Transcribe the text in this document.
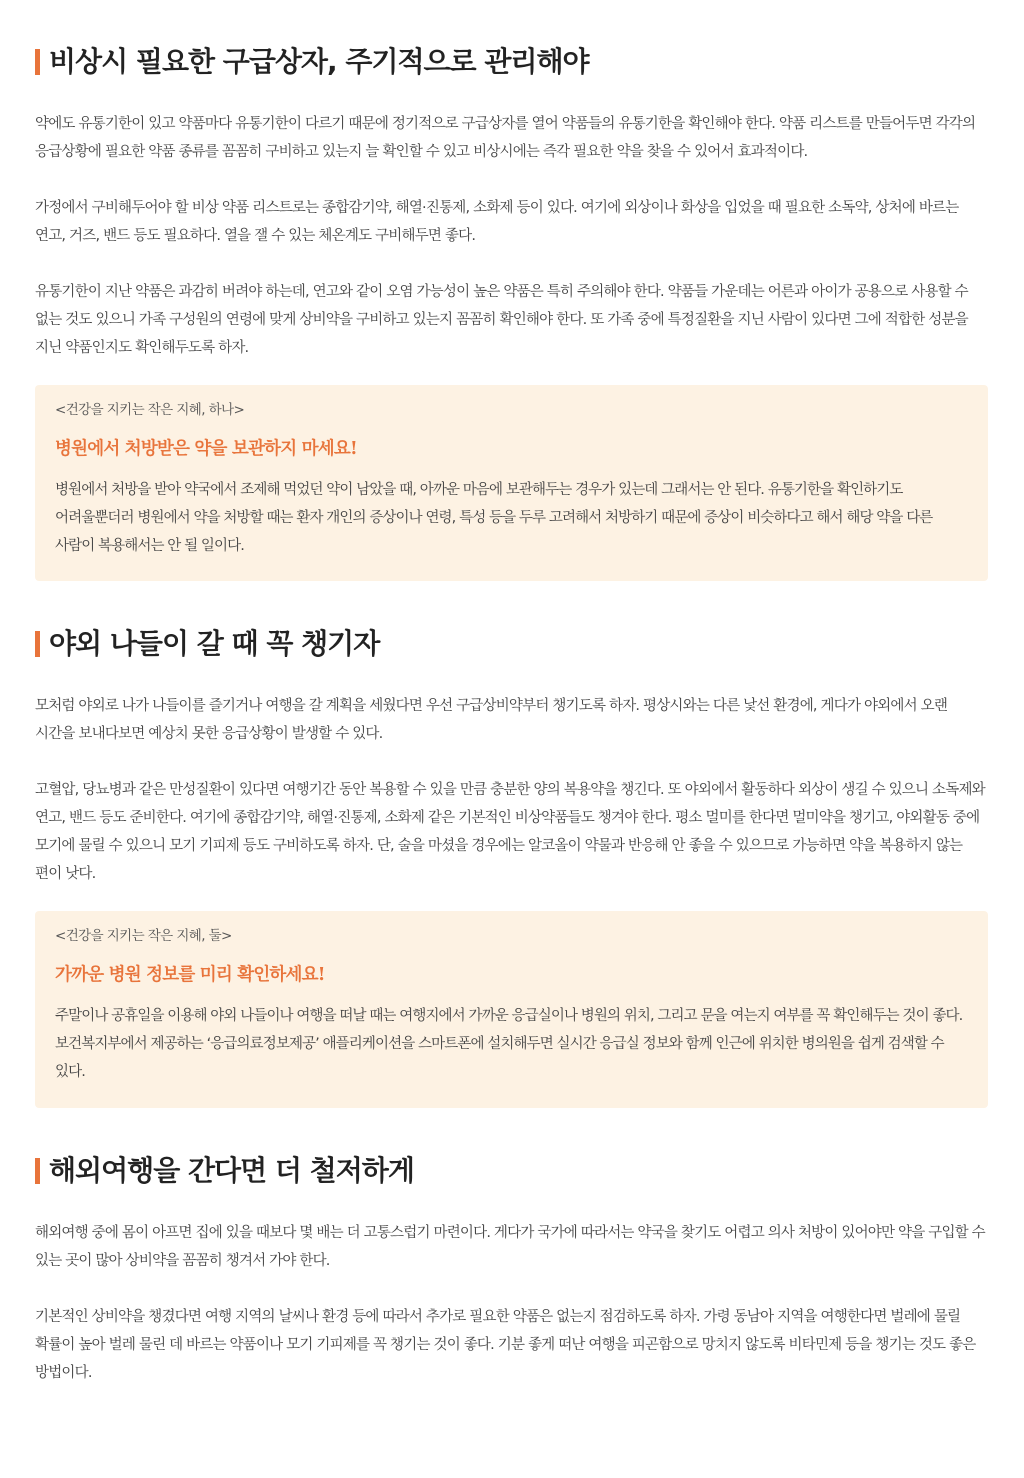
비상시 필요한 구급상자, 주기적으로 관리해야

약에도 유통기한이 있고 약품마다 유통기한이 다르기 때문에 정기적으로 구급상자를 열어 약품들의 유통기한을 확인해야 한다. 약품 리스트를 만들어두면 각각의 응급상황에 필요한 약품 종류를 꼼꼼히 구비하고 있는지 늘 확인할 수 있고 비상시에는 즉각 필요한 약을 찾을 수 있어서 효과적이다.

가정에서 구비해두어야 할 비상 약품 리스트로는 종합감기약, 해열·진통제, 소화제 등이 있다. 여기에 외상이나 화상을 입었을 때 필요한 소독약, 상처에 바르는 연고, 거즈, 밴드 등도 필요하다. 열을 잴 수 있는 체온계도 구비해두면 좋다.

유통기한이 지난 약품은 과감히 버려야 하는데, 연고와 같이 오염 가능성이 높은 약품은 특히 주의해야 한다. 약품들 가운데는 어른과 아이가 공용으로 사용할 수 없는 것도 있으니 가족 구성원의 연령에 맞게 상비약을 구비하고 있는지 꼼꼼히 확인해야 한다. 또 가족 중에 특정질환을 지닌 사람이 있다면 그에 적합한 성분을 지닌 약품인지도 확인해두도록 하자.

<건강을 지키는 작은 지혜, 하나>

병원에서 처방받은 약을 보관하지 마세요!

병원에서 처방을 받아 약국에서 조제해 먹었던 약이 남았을 때, 아까운 마음에 보관해두는 경우가 있는데 그래서는 안 된다. 유통기한을 확인하기도 어려울뿐더러 병원에서 약을 처방할 때는 환자 개인의 증상이나 연령, 특성 등을 두루 고려해서 처방하기 때문에 증상이 비슷하다고 해서 해당 약을 다른 사람이 복용해서는 안 될 일이다.

야외 나들이 갈 때 꼭 챙기자

모처럼 야외로 나가 나들이를 즐기거나 여행을 갈 계획을 세웠다면 우선 구급상비약부터 챙기도록 하자. 평상시와는 다른 낯선 환경에, 게다가 야외에서 오랜 시간을 보내다보면 예상치 못한 응급상황이 발생할 수 있다.

고혈압, 당뇨병과 같은 만성질환이 있다면 여행기간 동안 복용할 수 있을 만큼 충분한 양의 복용약을 챙긴다. 또 야외에서 활동하다 외상이 생길 수 있으니 소독제와 연고, 밴드 등도 준비한다. 여기에 종합감기약, 해열·진통제, 소화제 같은 기본적인 비상약품들도 챙겨야 한다. 평소 멀미를 한다면 멀미약을 챙기고, 야외활동 중에 모기에 물릴 수 있으니 모기 기피제 등도 구비하도록 하자. 단, 술을 마셨을 경우에는 알코올이 약물과 반응해 안 좋을 수 있으므로 가능하면 약을 복용하지 않는 편이 낫다.

<건강을 지키는 작은 지혜, 둘>

가까운 병원 정보를 미리 확인하세요!

주말이나 공휴일을 이용해 야외 나들이나 여행을 떠날 때는 여행지에서 가까운 응급실이나 병원의 위치, 그리고 문을 여는지 여부를 꼭 확인해두는 것이 좋다. 보건복지부에서 제공하는 ‘응급의료정보제공’ 애플리케이션을 스마트폰에 설치해두면 실시간 응급실 정보와 함께 인근에 위치한 병의원을 쉽게 검색할 수 있다.

해외여행을 간다면 더 철저하게

해외여행 중에 몸이 아프면 집에 있을 때보다 몇 배는 더 고통스럽기 마련이다. 게다가 국가에 따라서는 약국을 찾기도 어렵고 의사 처방이 있어야만 약을 구입할 수 있는 곳이 많아 상비약을 꼼꼼히 챙겨서 가야 한다.

기본적인 상비약을 챙겼다면 여행 지역의 날씨나 환경 등에 따라서 추가로 필요한 약품은 없는지 점검하도록 하자. 가령 동남아 지역을 여행한다면 벌레에 물릴 확률이 높아 벌레 물린 데 바르는 약품이나 모기 기피제를 꼭 챙기는 것이 좋다. 기분 좋게 떠난 여행을 피곤함으로 망치지 않도록 비타민제 등을 챙기는 것도 좋은 방법이다.
